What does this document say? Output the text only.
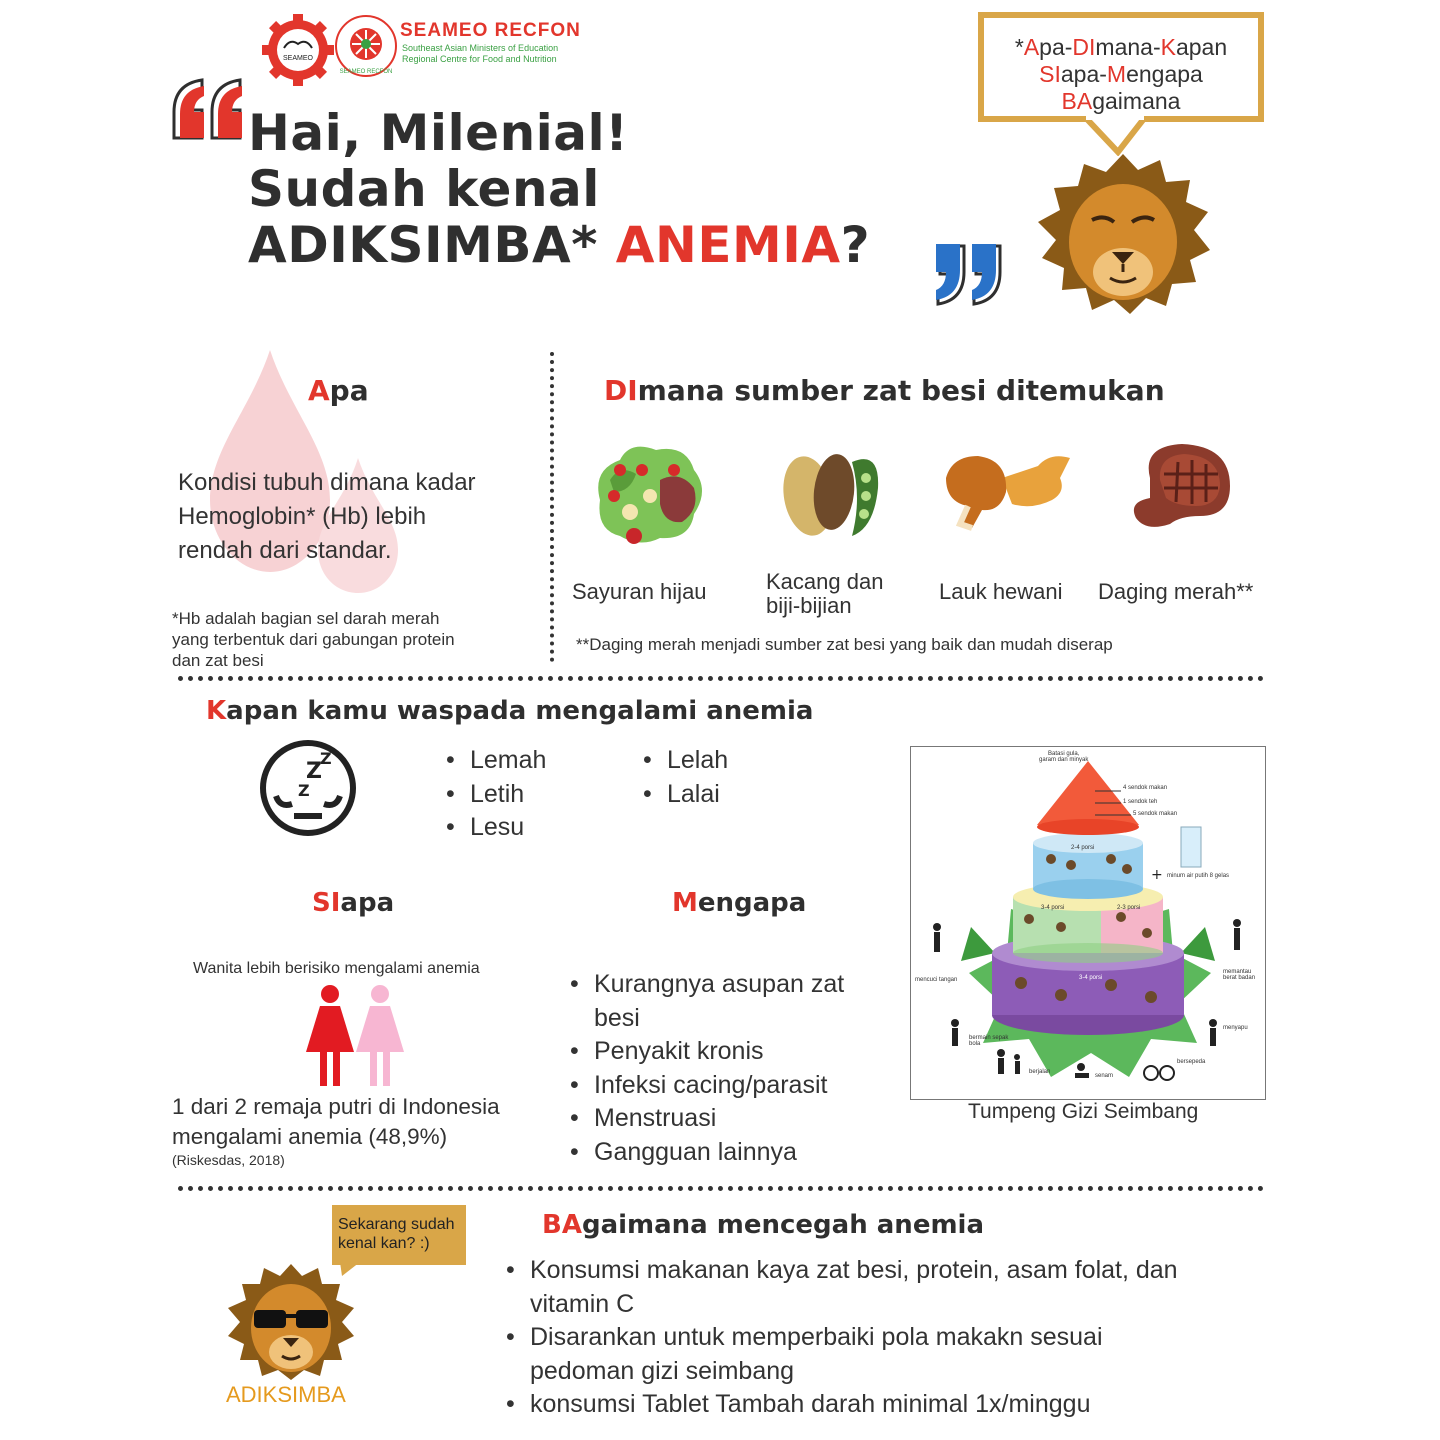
SEAMEO
SEAMEO RECFON
SEAMEO RECFON
Southeast Asian Ministers of Education
Regional Centre for Food and Nutrition
Hai, Milenial!
Sudah kenal
ADIKSIMBA* ANEMIA?
*Apa-DImana-Kapan
SIapa-Mengapa
BAgaimana
Apa
Kondisi tubuh dimana kadar
Hemoglobin* (Hb) lebih
rendah dari standar.
*Hb adalah bagian sel darah merah
yang terbentuk dari gabungan protein
dan zat besi
DImana sumber zat besi ditemukan
Sayuran hijau	Kacang dan
biji-bijian
Lauk hewani Daging merah**
**Daging merah menjadi sumber zat besi yang baik dan mudah diserap
Kapan kamu waspada mengalami anemia
Z
Z
Z
• Lemah
• Letih
• Lesu
• Lelah
• Lalai
SIapa
Wanita lebih berisiko mengalami anemia
1 dari 2 remaja putri di Indonesia
mengalami anemia (48,9%)
(Riskesdas, 2018)
Mengapa
• Kurangnya asupan zat
besi
• Penyakit kronis
• Infeksi cacing/parasit
• Menstruasi
• Gangguan lainnya
+
Batasi gula,
garam dan minyak
4 sendok makan
1 sendok teh
5 sendok makan
2-4 porsi
3-4 porsi	2-3 porsi
3-4 porsi
minum air putih 8 gelas
mencuci tangan
memantau berat badan
bermain sepak bola
menyapu
berjalan
senam
bersepeda
Tumpeng Gizi Seimbang
BAgaimana mencegah anemia
• Konsumsi makanan kaya zat besi, protein, asam folat, dan
vitamin C
• Disarankan untuk memperbaiki pola makakn sesuai
pedoman gizi seimbang
• konsumsi Tablet Tambah darah minimal 1x/minggu
Sekarang sudah
kenal kan? :)
ADIKSIMBA
